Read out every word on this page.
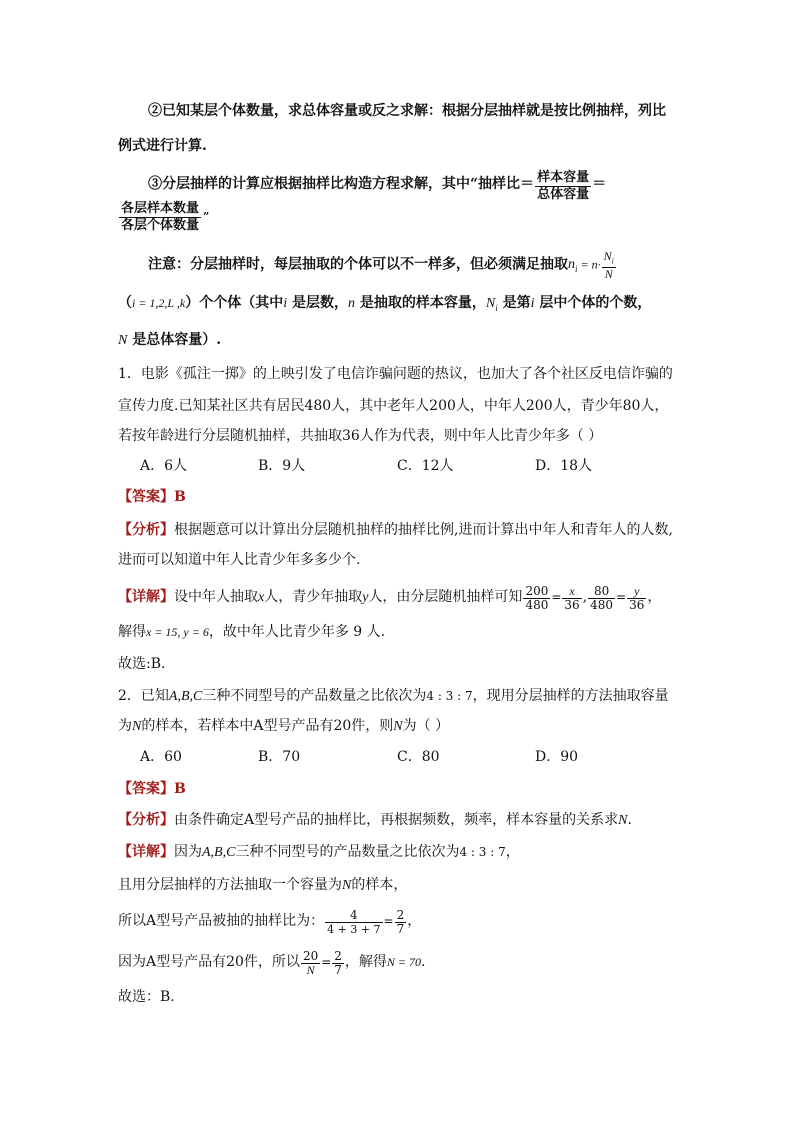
②已知某层个体数量，求总体容量或反之求解：根据分层抽样就是按比例抽样，列比
例式进行计算.
③分层抽样的计算应根据抽样比构造方程求解，其中“抽样比＝ $\frac{\text{样本容量}}{\text{总体容量}}$ ＝
$\frac{\text{各层样本数量}}{\text{各层个体数量}}$ ”
注意：分层抽样时，每层抽取的个体可以不一样多，但必须满足抽取$n_i = n\cdot \frac{N_i}{N}$
（i = 1,2,L ,k）个个体（其中i 是层数，n 是抽取的样本容量，$N_i$ 是第i 层中个体的个数，
N 是总体容量）.
1．电影《孤注一掷》的上映引发了电信诈骗问题的热议，也加大了各个社区反电信诈骗的
宣传力度.已知某社区共有居民480人，其中老年人200人，中年人200人，青少年80人，
若按年龄进行分层随机抽样，共抽取36人作为代表，则中年人比青少年多（ ）
A．6人	B．9人	C．12人	D．18人
【答案】B
【分析】根据题意可以计算出分层随机抽样的抽样比例,进而计算出中年人和青年人的人数,
进而可以知道中年人比青少年多多少个.
【详解】设中年人抽取x人，青少年抽取y人，由分层随机抽样可知 $\frac{200}{480} = \frac{x}{36}$ , $\frac{80}{480} = \frac{y}{36}$ ，
解得x = 15, y = 6，故中年人比青少年多 9 人.
故选:B.
2．已知A,B,C三种不同型号的产品数量之比依次为4 : 3 : 7，现用分层抽样的方法抽取容量
为N的样本，若样本中A型号产品有20件，则N为（ ）
A．60	B．70	C．80	D．90
【答案】B
【分析】由条件确定A型号产品的抽样比，再根据频数，频率，样本容量的关系求N.
【详解】因为A,B,C三种不同型号的产品数量之比依次为4 : 3 : 7，
且用分层抽样的方法抽取一个容量为N的样本，
所以A型号产品被抽的抽样比为： $\frac{4}{4 + 3 + 7} = \frac{2}{7}$ ，
因为A型号产品有20件，所以 $\frac{20}{N} = \frac{2}{7}$ ，解得N = 70.
故选：B.
